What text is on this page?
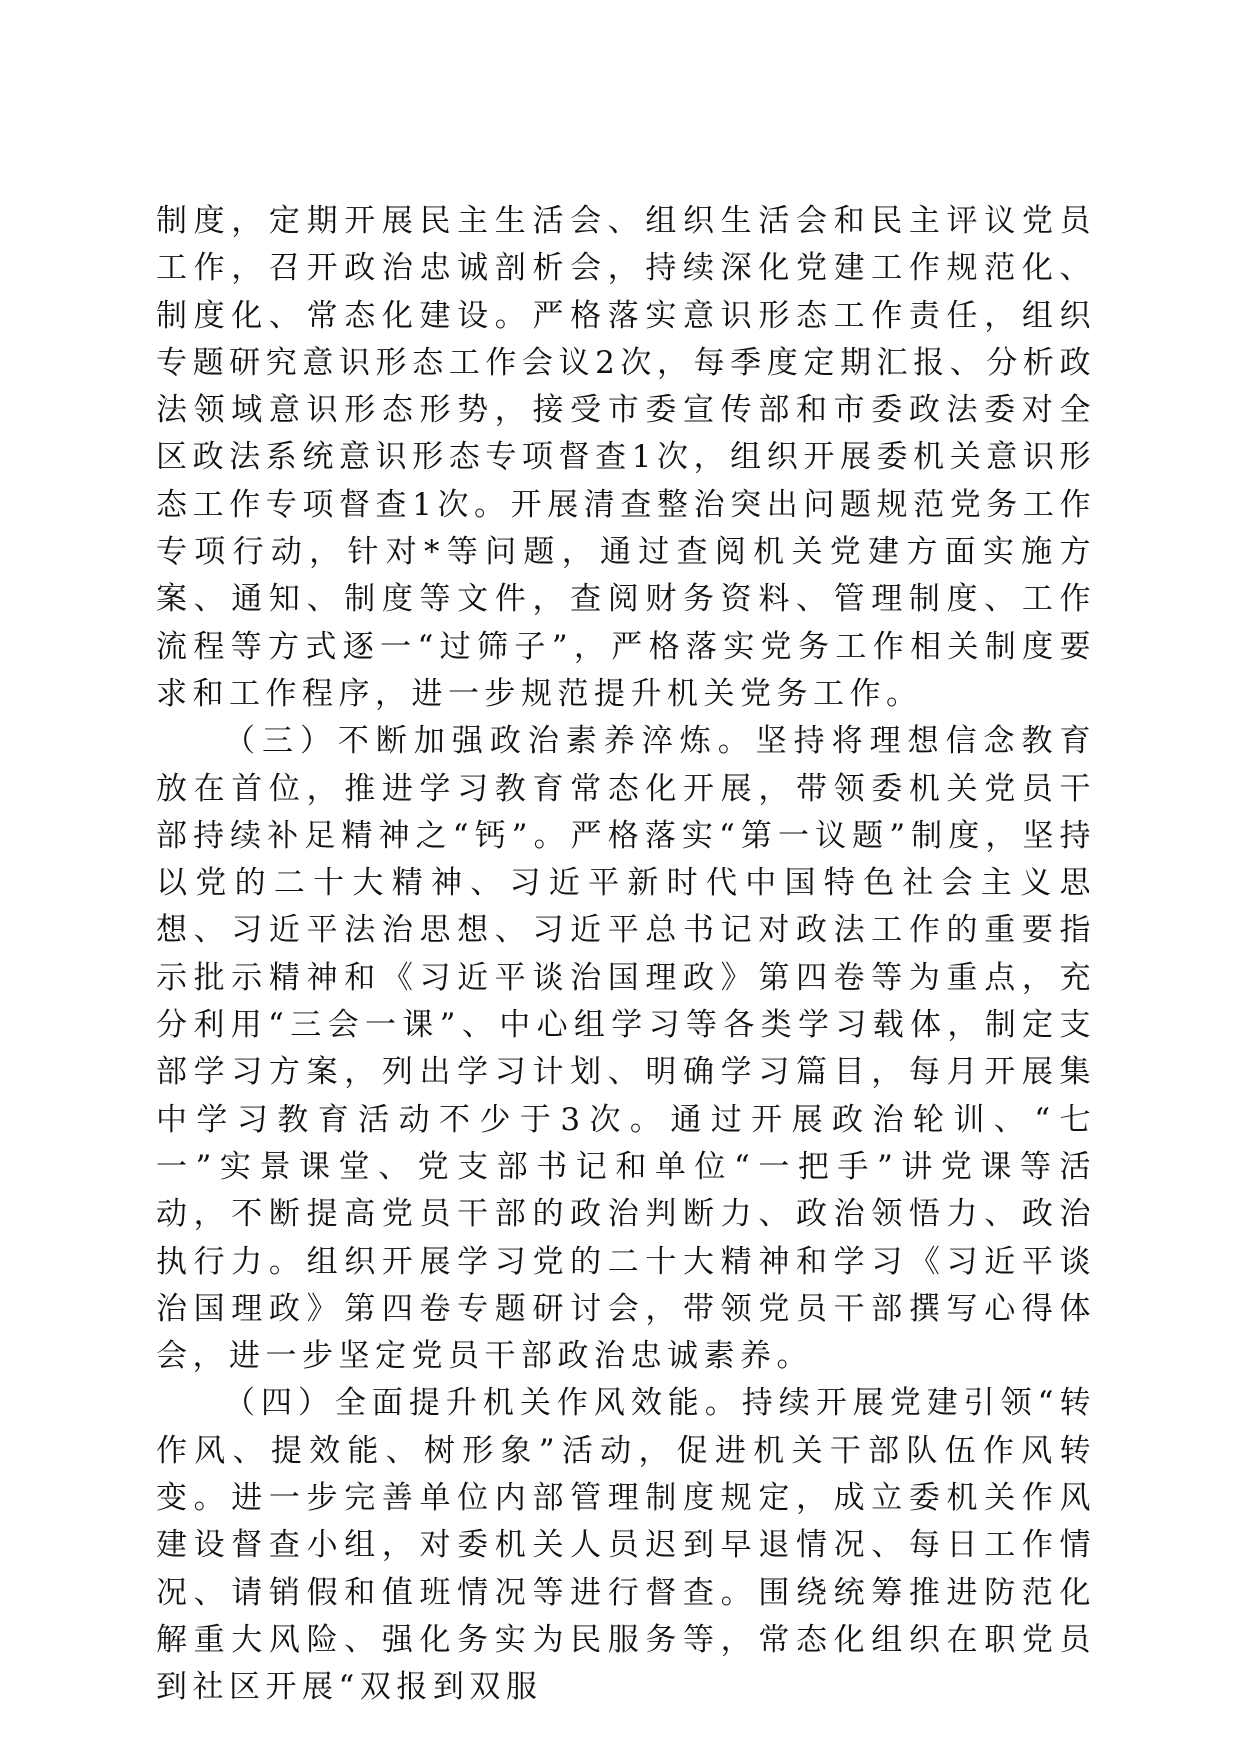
制度，定期开展民主生活会、组织生活会和民主评议党员工作，召开政治忠诚剖析会，持续深化党建工作规范化、制度化、常态化建设。严格落实意识形态工作责任，组织专题研究意识形态工作会议2次，每季度定期汇报、分析政法领域意识形态形势，接受市委宣传部和市委政法委对全区政法系统意识形态专项督查1次，组织开展委机关意识形态工作专项督查1次。开展清查整治突出问题规范党务工作专项行动，针对*等问题，通过查阅机关党建方面实施方案、通知、制度等文件，查阅财务资料、管理制度、工作流程等方式逐一“过筛子”，严格落实党务工作相关制度要求和工作程序，进一步规范提升机关党务工作。

（三）不断加强政治素养淬炼。坚持将理想信念教育放在首位，推进学习教育常态化开展，带领委机关党员干部持续补足精神之“钙”。严格落实“第一议题”制度，坚持以党的二十大精神、习近平新时代中国特色社会主义思想、习近平法治思想、习近平总书记对政法工作的重要指示批示精神和《习近平谈治国理政》第四卷等为重点，充分利用“三会一课”、中心组学习等各类学习载体，制定支部学习方案，列出学习计划、明确学习篇目，每月开展集中学习教育活动不少于3次。通过开展政治轮训、“七一”实景课堂、党支部书记和单位“一把手”讲党课等活动，不断提高党员干部的政治判断力、政治领悟力、政治执行力。组织开展学习党的二十大精神和学习《习近平谈治国理政》第四卷专题研讨会，带领党员干部撰写心得体会，进一步坚定党员干部政治忠诚素养。

（四）全面提升机关作风效能。持续开展党建引领“转作风、提效能、树形象”活动，促进机关干部队伍作风转变。进一步完善单位内部管理制度规定，成立委机关作风建设督查小组，对委机关人员迟到早退情况、每日工作情况、请销假和值班情况等进行督查。围绕统筹推进防范化解重大风险、强化务实为民服务等，常态化组织在职党员到社区开展“双报到双服
